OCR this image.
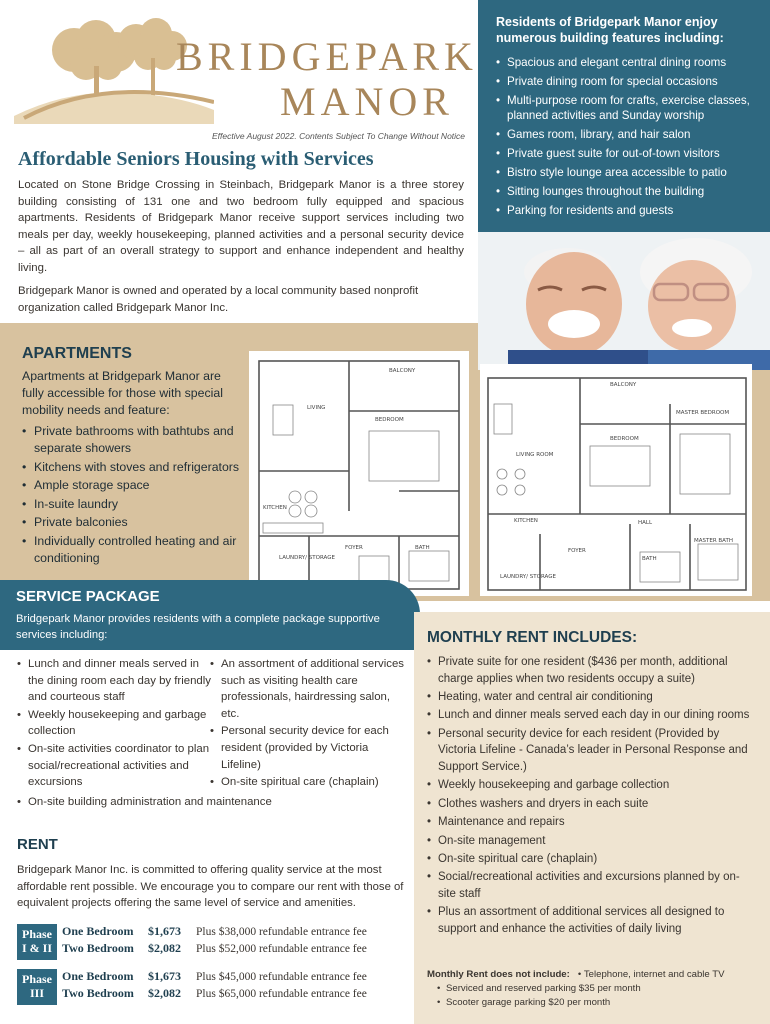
BRIDGEPARK
MANOR
Effective August 2022. Contents Subject To Change Without Notice
Affordable Seniors Housing with Services

Located on Stone Bridge Crossing in Steinbach, Bridgepark Manor is a three storey building consisting of 131 one and two bedroom fully equipped and spacious apartments. Residents of Bridgepark Manor receive support services including two meals per day, weekly housekeeping, planned activities and a personal security device – all as part of an overall strategy to support and enhance independent and healthy living.

Bridgepark Manor is owned and operated by a local community based nonprofit organization called Bridgepark Manor Inc.

Residents of Bridgepark Manor enjoy numerous building features including:
• Spacious and elegant central dining rooms
• Private dining room for special occasions
• Multi-purpose room for crafts, exercise classes, planned activities and Sunday worship
• Games room, library, and hair salon
• Private guest suite for out-of-town visitors
• Bistro style lounge area accessible to patio
• Sitting lounges throughout the building
• Parking for residents and guests
APARTMENTS

Apartments at Bridgepark Manor are fully accessible for those with special mobility needs and feature:

• Private bathrooms with bathtubs and separate showers
• Kitchens with stoves and refrigerators
• Ample storage space
• In-suite laundry
• Private balconies
• Individually controlled heating and air conditioning
BALCONY
LIVING
BEDROOM
KITCHEN
LAUNDRY/ STORAGE
FOYER	BATH
BALCONY
MASTER BEDROOM
BEDROOM
LIVING ROOM
KITCHEN	HALL
MASTER BATH
FOYER
BATH
LAUNDRY/ STORAGE
SERVICE PACKAGE

Bridgepark Manor provides residents with a complete package supportive services including:

• Lunch and dinner meals served in the dining room each day by friendly and courteous staff
• Weekly housekeeping and garbage collection
• On-site activities coordinator to plan social/recreational activities and excursions
• An assortment of additional services such as visiting health care professionals, hairdressing salon, etc.
• Personal security device for each resident (provided by Victoria Lifeline)
• On-site spiritual care (chaplain)
• On-site building administration and maintenance
RENT

Bridgepark Manor Inc. is committed to offering quality service at the most affordable rent possible. We encourage you to compare our rent with those of equivalent projects offering the same level of service and amenities.

Phase
I & II
One Bedroom $1,673 Plus $38,000 refundable entrance fee
Two Bedroom $2,082 Plus $52,000 refundable entrance fee
Phase
III
One Bedroom $1,673 Plus $45,000 refundable entrance fee
Two Bedroom $2,082 Plus $65,000 refundable entrance fee
MONTHLY RENT INCLUDES:
• Private suite for one resident ($436 per month, additional charge applies when two residents occupy a suite)
• Heating, water and central air conditioning
• Lunch and dinner meals served each day in our dining rooms
• Personal security device for each resident (Provided by Victoria Lifeline - Canada’s leader in Personal Response and Support Service.)
• Weekly housekeeping and garbage collection
• Clothes washers and dryers in each suite
• Maintenance and repairs
• On-site management
• On-site spiritual care (chaplain)
• Social/recreational activities and excursions planned by on-site staff
• Plus an assortment of additional services all designed to support and enhance the activities of daily living
Monthly Rent does not include:   • Telephone, internet and cable TV
• Serviced and reserved parking $35 per month
• Scooter garage parking $20 per month
